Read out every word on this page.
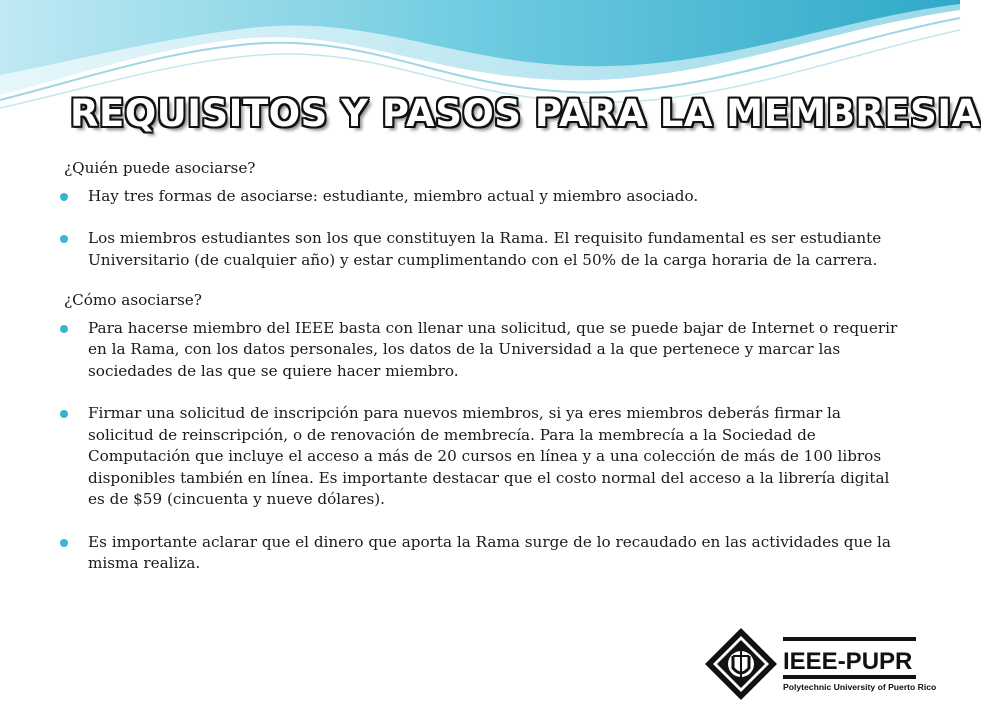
REQUISITOS Y PASOS PARA LA MEMBRESIA
¿Quién puede asociarse?
Hay tres formas de asociarse: estudiante, miembro actual y miembro asociado.
Los miembros estudiantes son los que constituyen la Rama. El requisito fundamental es ser estudiante Universitario (de cualquier año) y estar cumplimentando con el 50% de la carga horaria de la carrera.
¿Cómo asociarse?
Para hacerse miembro del IEEE basta con llenar una solicitud, que se puede bajar de Internet o requerir en la Rama, con los datos personales, los datos de la Universidad a la que pertenece y marcar las sociedades de las que se quiere hacer miembro.
Firmar una solicitud de inscripción para nuevos miembros, si ya eres miembros deberás firmar la solicitud de reinscripción, o de renovación de membrecía. Para la membrecía a la Sociedad de Computación que incluye el acceso a más de 20 cursos en línea y a una colección de más de 100 libros disponibles también en línea. Es importante destacar que el costo normal del acceso a la librería digital es de $59 (cincuenta y nueve dólares).
Es importante aclarar que el dinero que aporta la Rama surge de lo recaudado en las actividades que la misma realiza.
IEEE-PUPR
Polytechnic University of Puerto Rico
